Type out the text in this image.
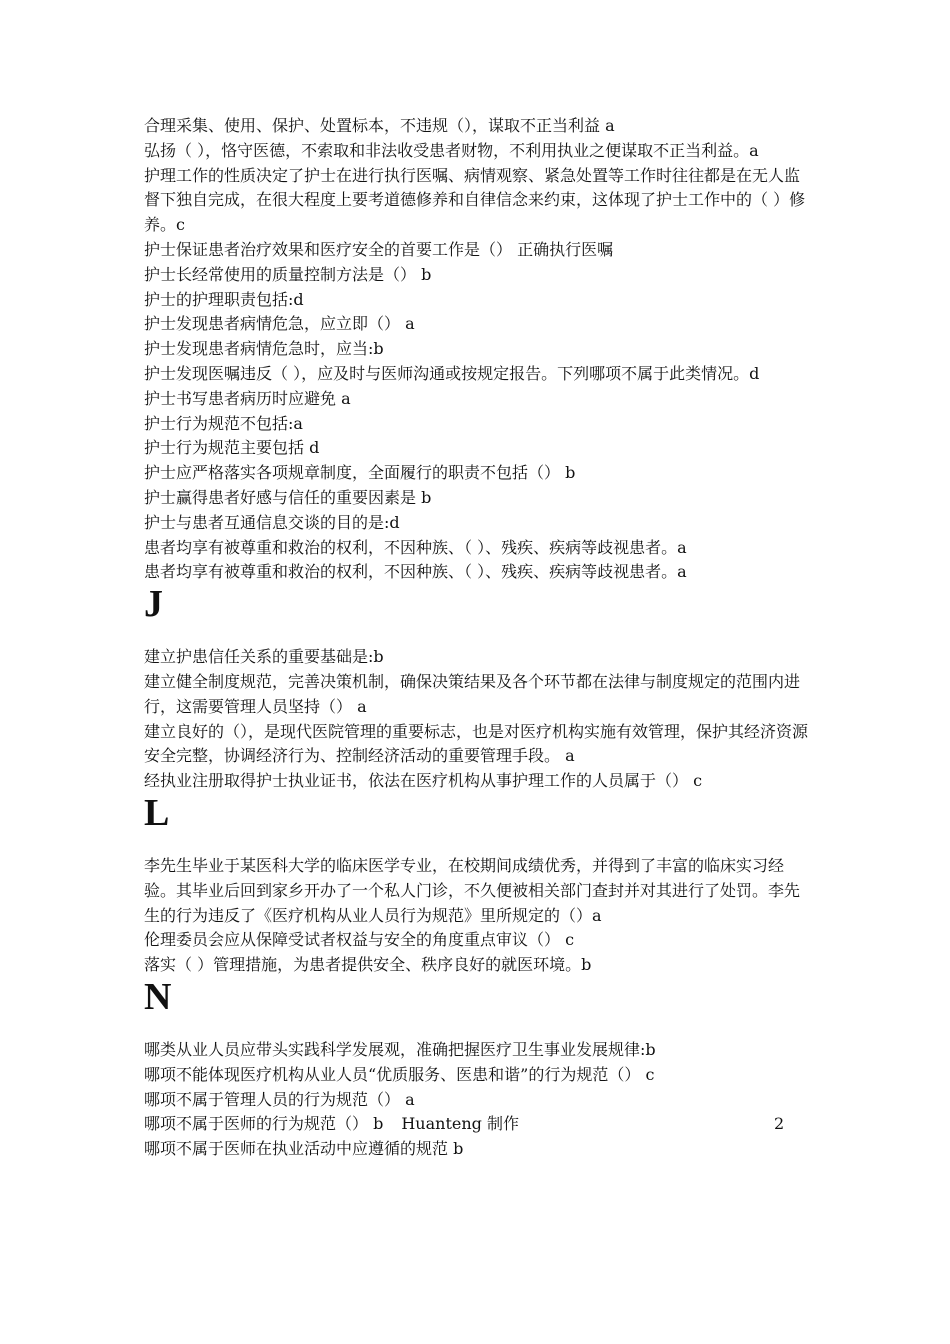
合理采集、使用、保护、处置标本，不违规（），谋取不正当利益 a

弘扬（ ），恪守医德，不索取和非法收受患者财物，不利用执业之便谋取不正当利益。a

护理工作的性质决定了护士在进行执行医嘱、病情观察、紧急处置等工作时往往都是在无人监督下独自完成，在很大程度上要考道德修养和自律信念来约束，这体现了护士工作中的（ ）修养。c

护士保证患者治疗效果和医疗安全的首要工作是（） 正确执行医嘱

护士长经常使用的质量控制方法是（） b

护士的护理职责包括:d

护士发现患者病情危急，应立即（） a

护士发现患者病情危急时，应当:b

护士发现医嘱违反（ ），应及时与医师沟通或按规定报告。下列哪项不属于此类情况。d

护士书写患者病历时应避免 a

护士行为规范不包括:a

护士行为规范主要包括 d

护士应严格落实各项规章制度，全面履行的职责不包括（） b

护士赢得患者好感与信任的重要因素是 b

护士与患者互通信息交谈的目的是:d

患者均享有被尊重和救治的权利，不因种族、（ ）、残疾、疾病等歧视患者。a

患者均享有被尊重和救治的权利，不因种族、（ ）、残疾、疾病等歧视患者。a

J

建立护患信任关系的重要基础是:b

建立健全制度规范，完善决策机制，确保决策结果及各个环节都在法律与制度规定的范围内进行，这需要管理人员坚持（） a

建立良好的（），是现代医院管理的重要标志，也是对医疗机构实施有效管理，保护其经济资源安全完整，协调经济行为、控制经济活动的重要管理手段。 a

经执业注册取得护士执业证书，依法在医疗机构从事护理工作的人员属于（） c

L

李先生毕业于某医科大学的临床医学专业，在校期间成绩优秀，并得到了丰富的临床实习经验。其毕业后回到家乡开办了一个私人门诊，不久便被相关部门查封并对其进行了处罚。李先生的行为违反了《医疗机构从业人员行为规范》里所规定的（）a

伦理委员会应从保障受试者权益与安全的角度重点审议（） c

落实（ ）管理措施，为患者提供安全、秩序良好的就医环境。b

N

哪类从业人员应带头实践科学发展观，准确把握医疗卫生事业发展规律:b

哪项不能体现医疗机构从业人员“优质服务、医患和谐”的行为规范（） c

哪项不属于管理人员的行为规范（） a

哪项不属于医师的行为规范（） b Huanteng 制作	2

哪项不属于医师在执业活动中应遵循的规范 b
